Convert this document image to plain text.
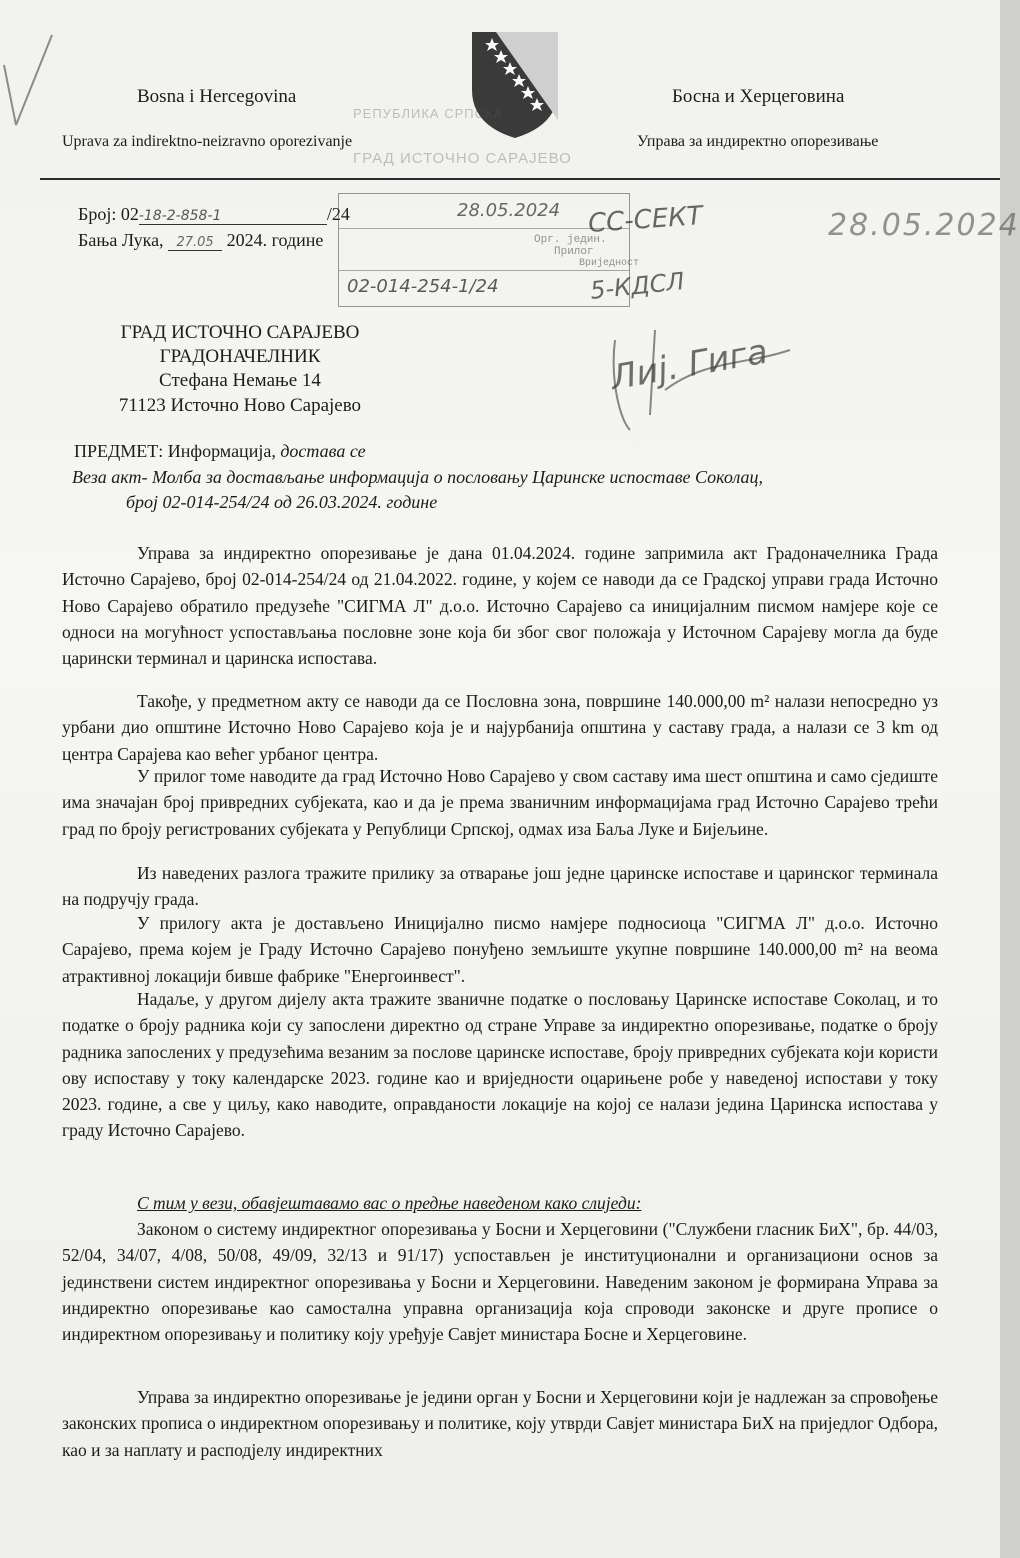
Bosna i Hercegovina
Uprava za indirektno-neizravno oporezivanje
Босна и Херцеговина
Управа за индиректно опорезивање
Број: 02-18-2-858-1	/24
Бања Лука, 27.05 2024. године
РЕПУБЛИКА СРПСКА
ГРАД ИСТОЧНО САРАЈЕВО
28.05.2024
Орг. једин.
Прилог
Вриједност
02-014-254-1/24
28.05.2024
СС-СЕКТ
5-КДСЛ
Лиј. Гига
ГРАД ИСТОЧНО САРАЈЕВО
ГРАДОНАЧЕЛНИК
Стефана Немање 14
71123 Источно Ново Сарајево
ПРЕДМЕТ: Информација, достава се
Веза акт- Молба за достављање информација о пословању Царинске испоставе Соколац,
број 02-014-254/24 од 26.03.2024. године
Управа за индиректно опорезивање је дана 01.04.2024. године запримила акт Градоначелника Града Источно Сарајево, број 02-014-254/24 од 21.04.2022. године, у којем се наводи да се Градској управи града Источно Ново Сарајево обратило предузеће "СИГМА Л" д.о.о. Источно Сарајево са иницијалним писмом намјере које се односи на могућност успостављања пословне зоне која би због свог положаја у Источном Сарајеву могла да буде царински терминал и царинска испостава.
Такође, у предметном акту се наводи да се Пословна зона, површине 140.000,00 m² налази непосредно уз урбани дио општине Источно Ново Сарајево која је и најурбанија општина у саставу града, а налази се 3 km од центра Сарајева као већег урбаног центра.
У прилог томе наводите да град Источно Ново Сарајево у свом саставу има шест општина и само сједиште има значајан број привредних субјеката, као и да је према званичним информацијама град Источно Сарајево трећи град по броју регистрованих субјеката у Републици Српској, одмах иза Баља Луке и Бијељине.
Из наведених разлога тражите прилику за отварање још једне царинске испоставе и царинског терминала на подручју града.
У прилогу акта је достављено Иницијално писмо намјере подносиоца "СИГМА Л" д.о.о. Источно Сарајево, према којем је Граду Источно Сарајево понуђено земљиште укупне површине 140.000,00 m² на веома атрактивној локацији бивше фабрике "Енергоинвест".
Надаље, у другом дијелу акта тражите званичне податке о пословању Царинске испоставе Соколац, и то податке о броју радника који су запослени директно од стране Управе за индиректно опорезивање, податке о броју радника запослених у предузећима везаним за послове царинске испоставе, броју привредних субјеката који користи ову испоставу у току календарске 2023. године као и вриједности оцарињене робе у наведеној испостави у току 2023. године, а све у циљу, како наводите, оправданости локације на којој се налази једина Царинска испостава у граду Источно Сарајево.
С тим у вези, обавјештавамо вас о предње наведеном како слиједи:
Законом о систему индиректног опорезивања у Босни и Херцеговини ("Службени гласник БиХ", бр. 44/03, 52/04, 34/07, 4/08, 50/08, 49/09, 32/13 и 91/17) успостављен је институционални и организациони основ за јединствени систем индиректног опорезивања у Босни и Херцеговини. Наведеним законом је формирана Управа за индиректно опорезивање као самостална управна организација која спроводи законске и друге прописе о индиректном опорезивању и политику коју уређује Савјет министара Босне и Херцеговине.
Управа за индиректно опорезивање је једини орган у Босни и Херцеговини који је надлежан за спровођење законских прописа о индиректном опорезивању и политике, коју утврди Савјет министара БиХ на приједлог Одбора, као и за наплату и расподјелу индиректних
